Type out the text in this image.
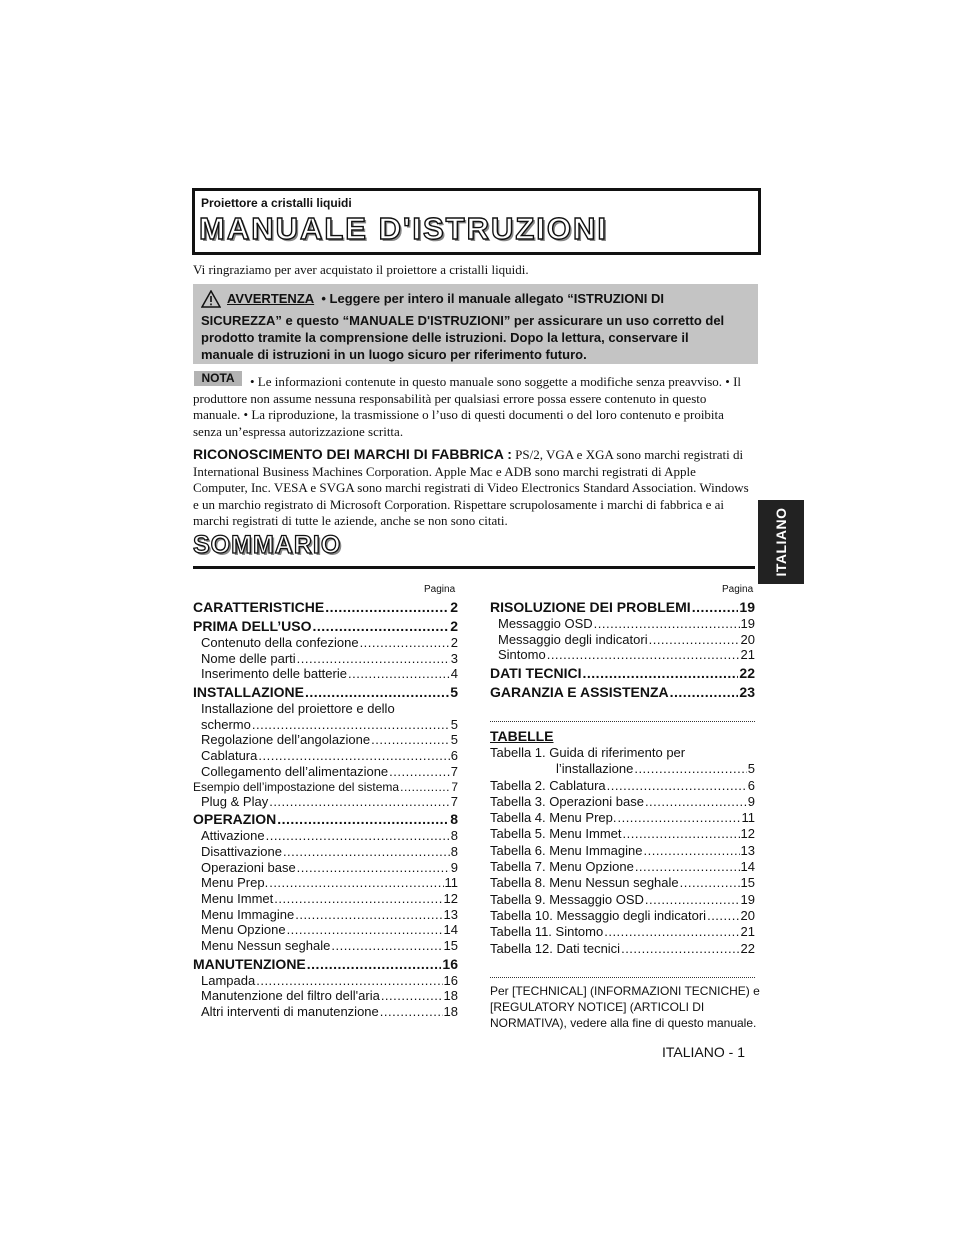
Proiettore a cristalli liquidi
MANUALE D'ISTRUZIONI
Vi ringraziamo per aver acquistato il proiettore a cristalli liquidi.
AVVERTENZA • Leggere per intero il manuale allegato “ISTRUZIONI DI SICUREZZA” e questo “MANUALE D'ISTRUZIONI” per assicurare un uso corretto del prodotto tramite la comprensione delle istruzioni. Dopo la lettura, conservare il manuale di istruzioni in un luogo sicuro per riferimento futuro.
• Le informazioni contenute in questo manuale sono soggette a modifiche senza preavviso. • Il produttore non assume nessuna responsabilità per qualsiasi errore possa essere contenuto in questo manuale. • La riproduzione, la trasmissione o l’uso di questi documenti o del loro contenuto e proibita senza un’espressa autorizzazione scritta.
NOTA
RICONOSCIMENTO DEI MARCHI DI FABBRICA : PS/2, VGA e XGA sono marchi registrati di International Business Machines Corporation. Apple Mac e ADB sono marchi registrati di Apple Computer, Inc. VESA e SVGA sono marchi registrati di Video Electronics Standard Association. Windows e un marchio registrato di Microsoft Corporation. Rispettare scrupolosamente i marchi di fabbrica e ai marchi registrati di tutte le aziende, anche se non sono citati.	ITALIANO
SOMMARIO
Pagina	Pagina
CARATTERISTICHE .....	2
PRIMA DELL’USO .....	2
Contenuto della confezione .....	2
Nome delle parti .....	3
Inserimento delle batterie .....	4
INSTALLAZIONE .....	5
Installazione del proiettore e dello
schermo .....	5
Regolazione dell’angolazione .....	5
Cablatura .....	6
Collegamento dell’alimentazione .....	7
Esempio dell’impostazione del sistema .....	7
Plug & Play .....	7
OPERAZION .....	8
Attivazione .....	8
Disattivazione .....	8
Operazioni base .....	9
Menu Prep. .....	11
Menu Immet .....	12
Menu Immagine .....	13
Menu Opzione .....	14
Menu Nessun seghale .....	15
MANUTENZIONE .....	16
Lampada .....	16
Manutenzione del filtro dell'aria .....	18
Altri interventi di manutenzione .....	18
RISOLUZIONE DEI PROBLEMI .....	19
Messaggio OSD .....	19
Messaggio degli indicatori .....	20
Sintomo .....	21
DATI TECNICI .....	22
GARANZIA E ASSISTENZA .....	23
TABELLE
Tabella 1. Guida di riferimento per
l’installazione .....	5
Tabella 2. Cablatura .....	6
Tabella 3. Operazioni base .....	9
Tabella 4. Menu Prep. .....	11
Tabella 5. Menu Immet .....	12
Tabella 6. Menu Immagine .....	13
Tabella 7. Menu Opzione .....	14
Tabella 8. Menu Nessun seghale .....	15
Tabella 9. Messaggio OSD .....	19
Tabella 10. Messaggio degli indicatori .....	20
Tabella 11. Sintomo .....	21
Tabella 12. Dati tecnici .....	22
Per [TECHNICAL] (INFORMAZIONI TECNICHE) e [REGULATORY NOTICE] (ARTICOLI DI NORMATIVA), vedere alla fine di questo manuale.
ITALIANO - 1
